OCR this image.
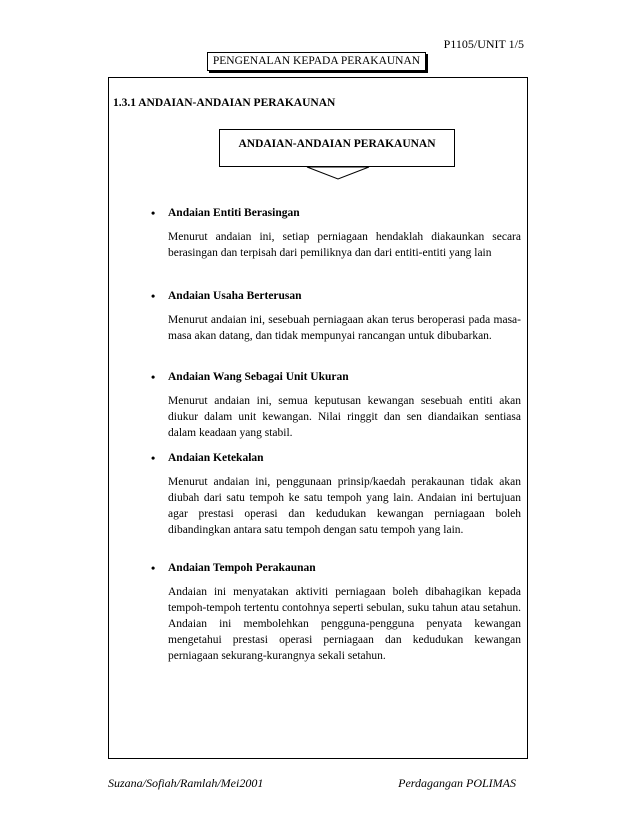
P1105/UNIT 1/5
PENGENALAN KEPADA PERAKAUNAN
1.3.1 ANDAIAN-ANDAIAN PERAKAUNAN
ANDAIAN-ANDAIAN PERAKAUNAN
• Andaian Entiti Berasingan
Menurut andaian ini, setiap perniagaan hendaklah diakaunkan secara berasingan dan terpisah dari pemiliknya dan dari entiti-entiti yang lain
• Andaian Usaha Berterusan
Menurut andaian ini, sesebuah perniagaan akan terus beroperasi pada masa-masa akan datang, dan tidak mempunyai rancangan untuk dibubarkan.
• Andaian Wang Sebagai Unit Ukuran
Menurut andaian ini, semua keputusan kewangan sesebuah entiti akan diukur dalam unit kewangan. Nilai ringgit dan sen diandaikan sentiasa dalam keadaan yang stabil.
• Andaian Ketekalan
Menurut andaian ini, penggunaan prinsip/kaedah perakaunan tidak akan diubah dari satu tempoh ke satu tempoh yang lain. Andaian ini bertujuan agar prestasi operasi dan kedudukan kewangan perniagaan boleh dibandingkan antara satu tempoh dengan satu tempoh yang lain.
• Andaian Tempoh Perakaunan
Andaian ini menyatakan aktiviti perniagaan boleh dibahagikan kepada tempoh-tempoh tertentu contohnya seperti sebulan, suku tahun atau setahun. Andaian ini membolehkan pengguna-pengguna penyata kewangan mengetahui prestasi operasi perniagaan dan kedudukan kewangan perniagaan sekurang-kurangnya sekali setahun.
Suzana/Sofiah/Ramlah/Mei2001	Perdagangan POLIMAS
